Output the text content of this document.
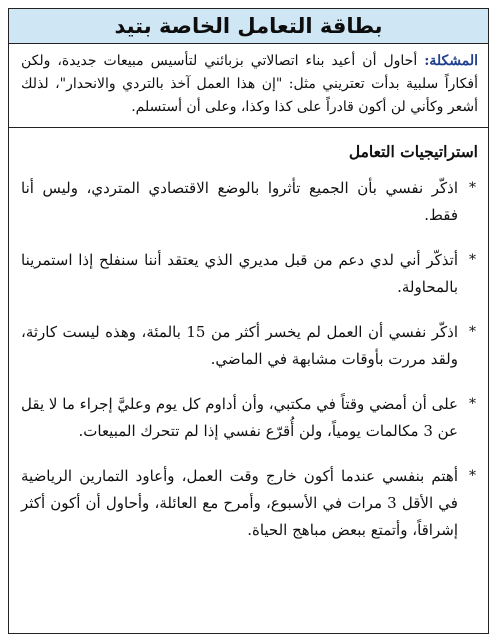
بطاقة التعامل الخاصة بتيد
المشكلة: أحاول أن أعيد بناء اتصالاتي بزبائني لتأسيس مبيعات جديدة، ولكن أفكاراً سلبية بدأت تعتريني مثل: "إن هذا العمل آخذ بالتردي والانحدار"، لذلك أشعر وكأني لن أكون قادراً على كذا وكذا، وعلى أن أستسلم.
استراتيجيات التعامل
*
اذكّر نفسي بأن الجميع تأثروا بالوضع الاقتصادي المتردي، وليس أنا فقط.
*
أتذكّر أني لدي دعم من قبل مديري الذي يعتقد أننا سنفلح إذا استمرينا بالمحاولة.
*
اذكّر نفسي أن العمل لم يخسر أكثر من 15 بالمئة، وهذه ليست كارثة، ولقد مررت بأوقات مشابهة في الماضي.
*
على أن أمضي وقتاً في مكتبي، وأن أداوم كل يوم وعليَّ إجراء ما لا يقل عن 3 مكالمات يومياً، ولن أُقرّع نفسي إذا لم تتحرك المبيعات.
*
أهتم بنفسي عندما أكون خارج وقت العمل، وأعاود التمارين الرياضية في الأقل 3 مرات في الأسبوع، وأمرح مع العائلة، وأحاول أن أكون أكثر إشراقاً، وأتمتع ببعض مباهج الحياة.
